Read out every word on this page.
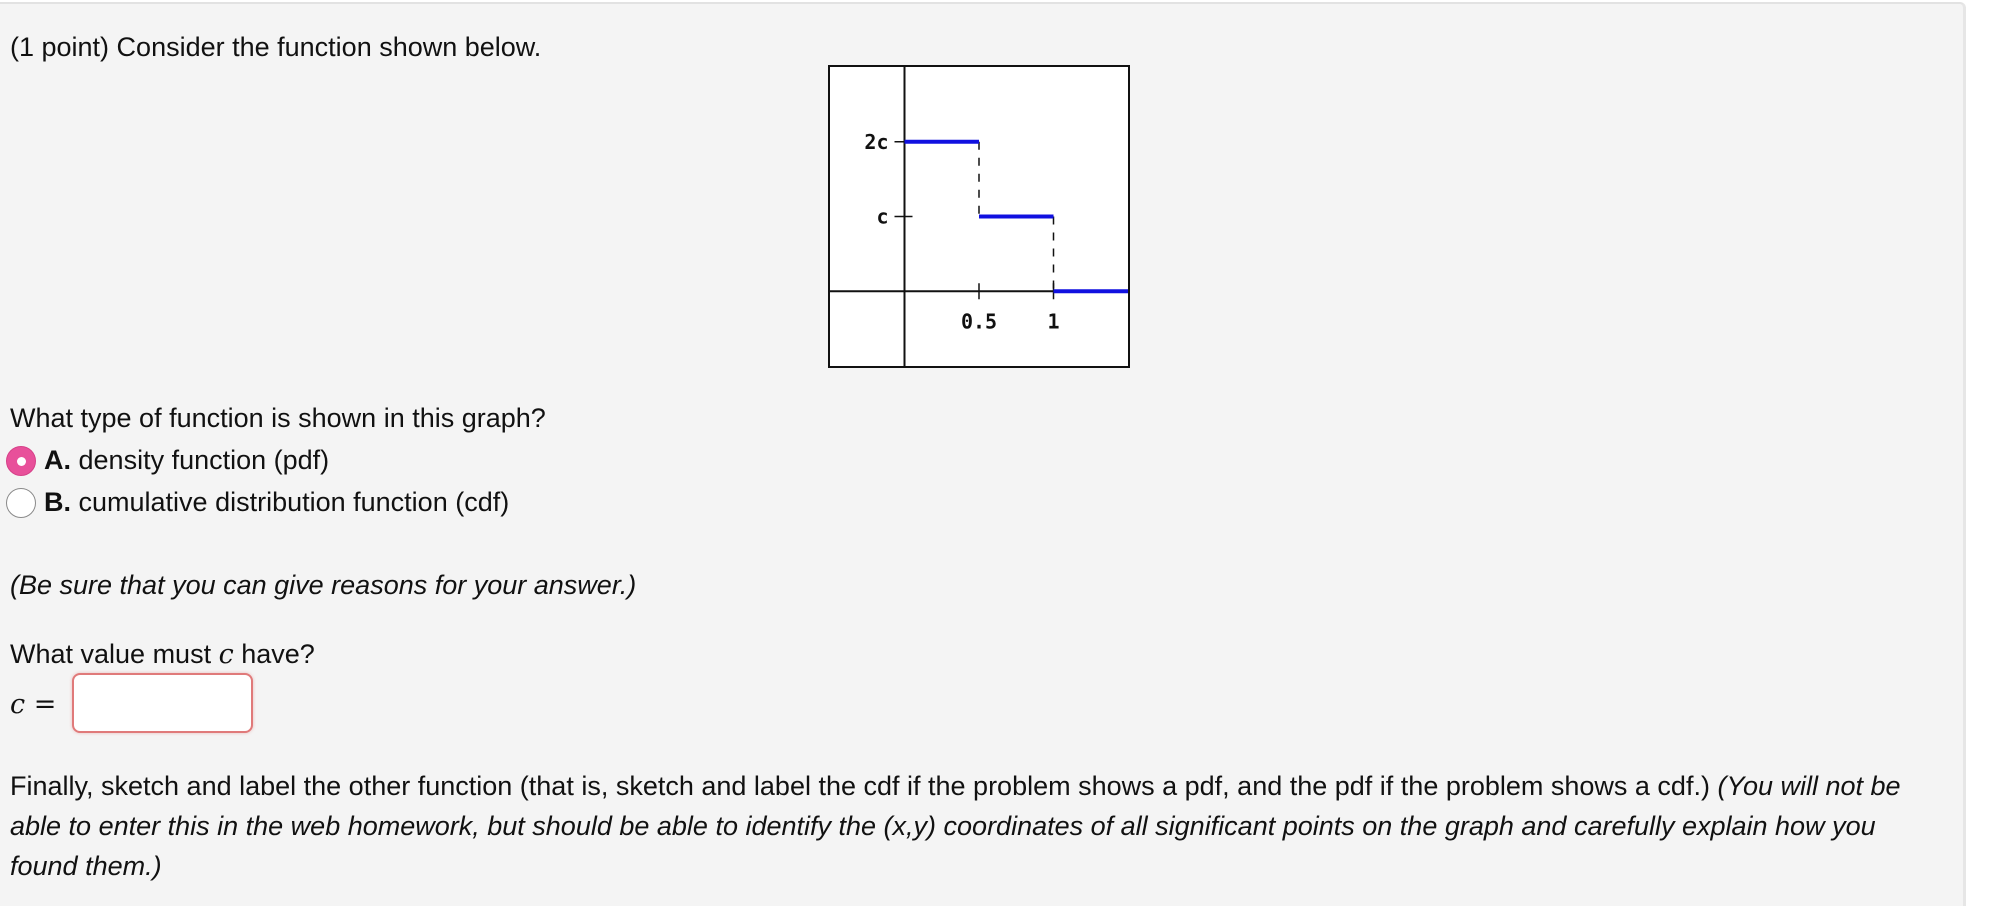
(1 point) Consider the function shown below.
0.5	1
c
2c
What type of function is shown in this graph?
A. density function (pdf)
B. cumulative distribution function (cdf)
(Be sure that you can give reasons for your answer.)
What value must c have?
c =
Finally, sketch and label the other function (that is, sketch and label the cdf if the problem shows a pdf, and the pdf if the problem shows a cdf.) (You will not be able to enter this in the web homework, but should be able to identify the (x,y) coordinates of all significant points on the graph and carefully explain how you found them.)
